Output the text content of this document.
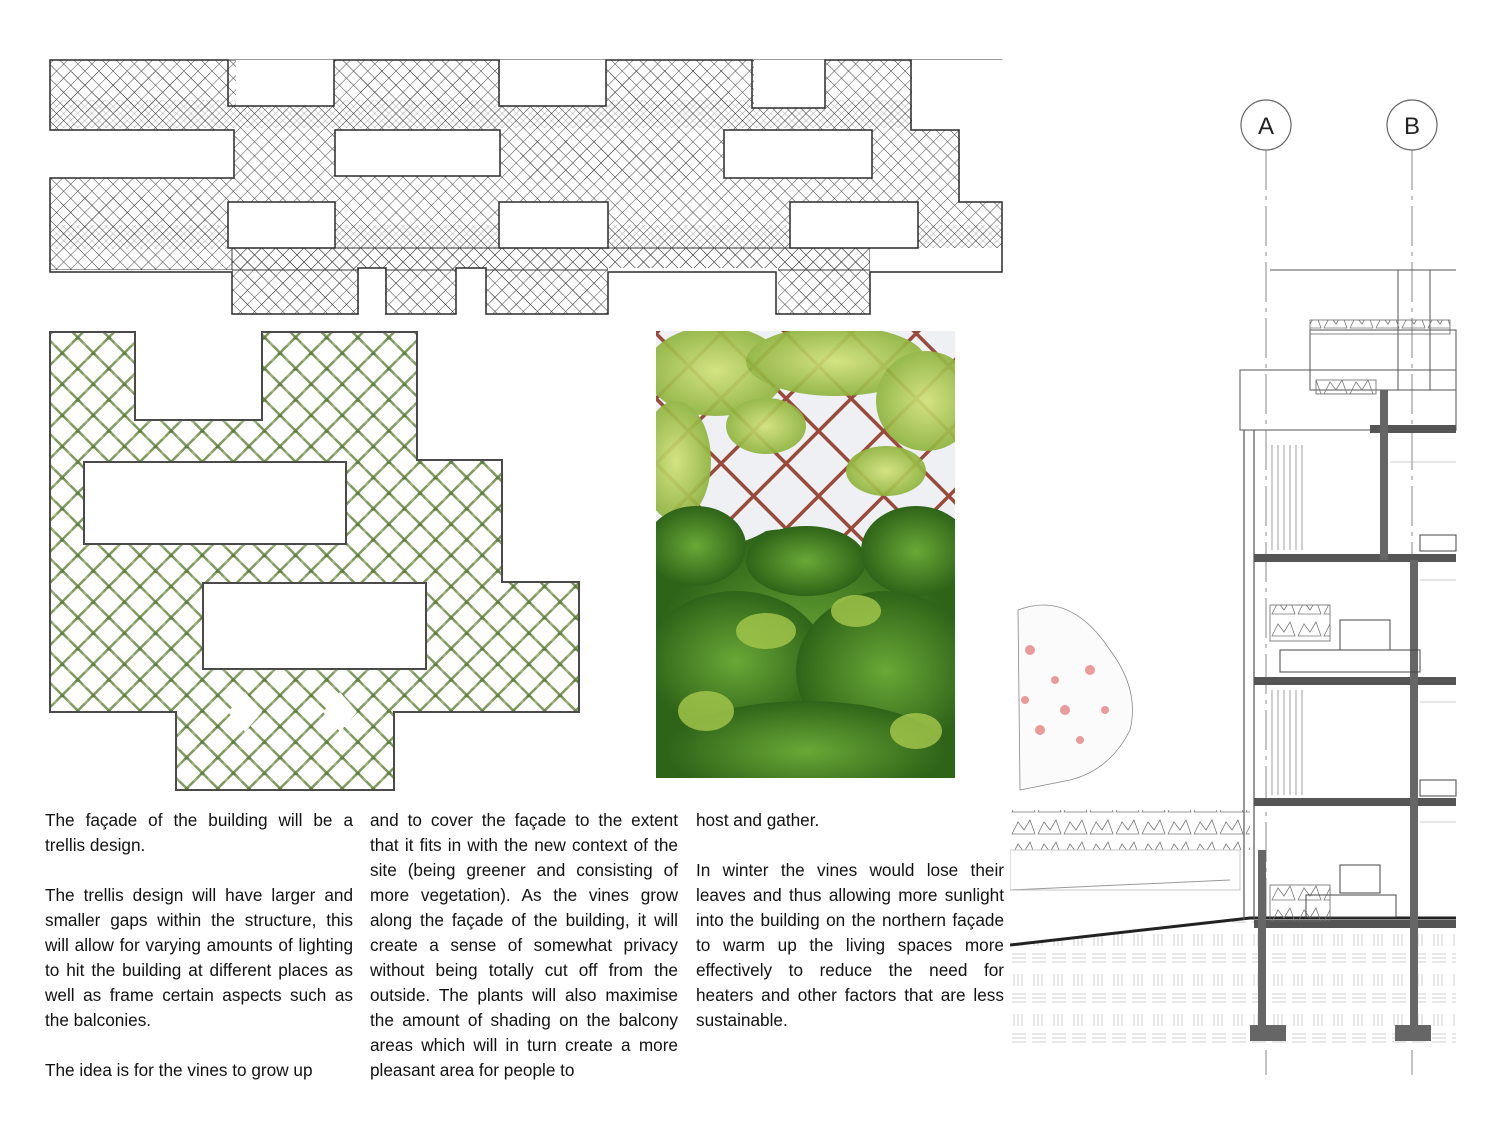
A	B

The façade of the building will be a trellis design.

The trellis design will have larger and smaller gaps within the structure, this will allow for varying amounts of lighting to hit the building at different places as well as frame certain aspects such as the balconies.

The idea is for the vines to grow up

and to cover the façade to the extent that it fits in with the new context of the site (being greener and consisting of more vegetation). As the vines grow along the façade of the building, it will create a sense of somewhat privacy without being totally cut off from the outside. The plants will also maximise the amount of shading on the balcony areas which will in turn create a more pleasant area for people to

host and gather.

In winter the vines would lose their leaves and thus allowing more sunlight into the building on the northern façade to warm up the living spaces more effectively to reduce the need for heaters and other factors that are less sustainable.
